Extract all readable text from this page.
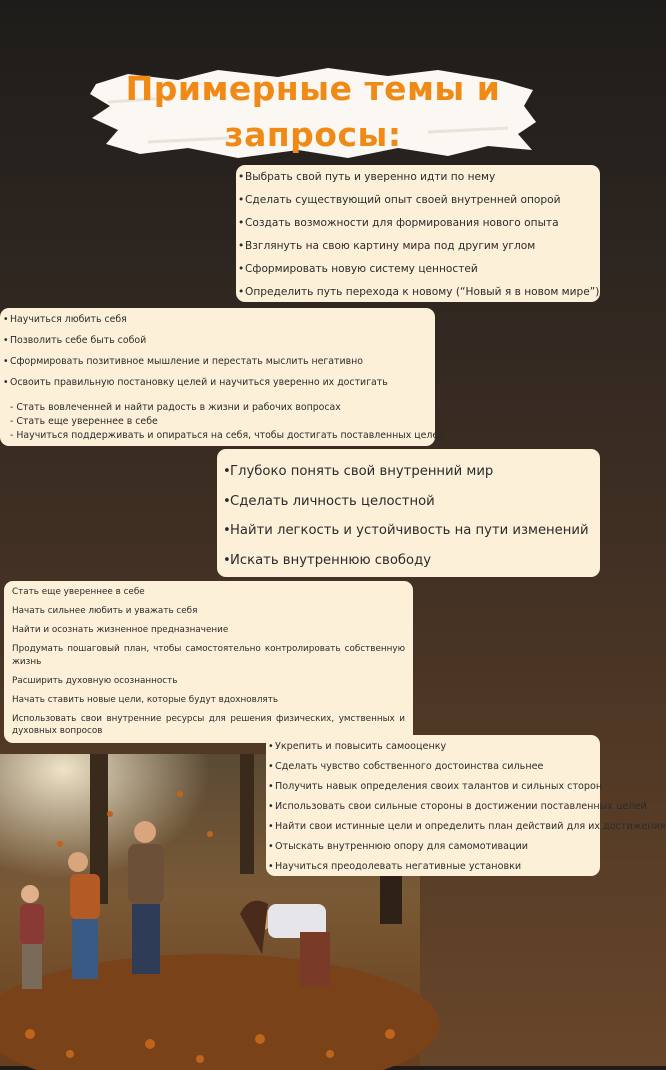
Примерные темы и
запросы:
• Выбрать свой путь и уверенно идти по нему
• Сделать существующий опыт своей внутренней опорой
• Создать возможности для формирования нового опыта
• Взглянуть на свою картину мира под другим углом
• Сформировать новую систему ценностей
• Определить путь перехода к новому (“Новый я в новом мире”)
• Научиться любить себя
• Позволить себе быть собой
• Сформировать позитивное мышление и перестать мыслить негативно
• Освоить правильную постановку целей и научиться уверенно их достигать
- Стать вовлеченней и найти радость в жизни и рабочих вопросах
- Стать еще увереннее в себе
- Научиться поддерживать и опираться на себя, чтобы достигать поставленных целей
• Глубоко понять свой внутренний мир
• Сделать личность целостной
• Найти легкость и устойчивость на пути изменений
• Искать внутреннюю свободу
Стать еще увереннее в себе
Начать сильнее любить и уважать себя
Найти и осознать жизненное предназначение
Продумать пошаговый план, чтобы самостоятельно контролировать собственную жизнь
Расширить духовную осознанность
Начать ставить новые цели, которые будут вдохновлять
Использовать свои внутренние ресурсы для решения физических, умственных и духовных вопросов
• Укрепить и повысить самооценку
• Сделать чувство собственного достоинства сильнее
• Получить навык определения своих талантов и сильных сторон
• Использовать свои сильные стороны в достижении поставленных целей
• Найти свои истинные цели и определить план действий для их достижения
• Отыскать внутреннюю опору для самомотивации
• Научиться преодолевать негативные установки
